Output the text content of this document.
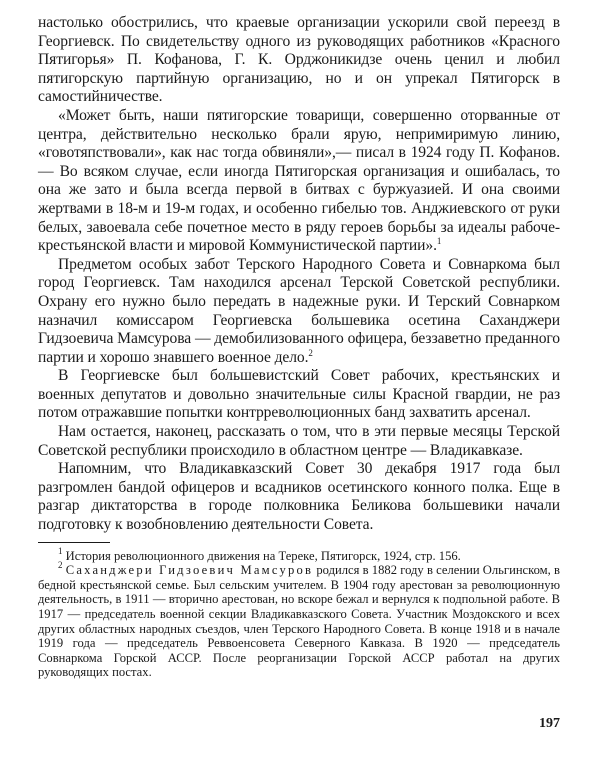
настолько обострились, что краевые организации ускорили свой переезд в Георгиевск. По свидетельству одного из руководящих работников «Красного Пятигорья» П. Кофанова, Г. К. Орджоникидзе очень ценил и любил пятигорскую партийную организацию, но и он упрекал Пятигорск в самостийничестве.

«Может быть, наши пятигорские товарищи, совершенно оторванные от центра, действительно несколько брали ярую, непримиримую линию, «говотяпствовали», как нас тогда обвиняли»,— писал в 1924 году П. Кофанов.— Во всяком случае, если иногда Пятигорская организация и ошибалась, то она же зато и была всегда первой в битвах с буржуазией. И она своими жертвами в 18-м и 19-м годах, и особенно гибелью тов. Анджиевского от руки белых, завоевала себе почетное место в ряду героев борьбы за идеалы рабоче-крестьянской власти и мировой Коммунистической партии».$^1$

Предметом особых забот Терского Народного Совета и Совнаркома был город Георгиевск. Там находился арсенал Терской Советской республики. Охрану его нужно было передать в надежные руки. И Терский Совнарком назначил комиссаром Георгиевска большевика осетина Саханджери Гидзоевича Мамсурова — демобилизованного офицера, беззаветно преданного партии и хорошо знавшего военное дело.$^2$

В Георгиевске был большевистский Совет рабочих, крестьянских и военных депутатов и довольно значительные силы Красной гвардии, не раз потом отражавшие попытки контрреволюционных банд захватить арсенал.

Нам остается, наконец, рассказать о том, что в эти первые месяцы Терской Советской республики происходило в областном центре — Владикавказе.

Напомним, что Владикавказский Совет 30 декабря 1917 года был разгромлен бандой офицеров и всадников осетинского конного полка. Еще в разгар диктаторства в городе полковника Беликова большевики начали подготовку к возобновлению деятельности Совета.

$^1$ История революционного движения на Тереке, Пятигорск, 1924, стр. 156.

$^2$ Саханджери Гидзоевич Мамсуров родился в 1882 году в селении Ольгинском, в бедной крестьянской семье. Был сельским учителем. В 1904 году арестован за революционную деятельность, в 1911 — вторично арестован, но вскоре бежал и вернулся к подпольной работе. В 1917 — председатель военной секции Владикавказского Совета. Участник Моздокского и всех других областных народных съездов, член Терского Народного Совета. В конце 1918 и в начале 1919 года — председатель Реввоенсовета Северного Кавказа. В 1920 — председатель Совнаркома Горской АССР. После реорганизации Горской АССР работал на других руководящих постах.

197
